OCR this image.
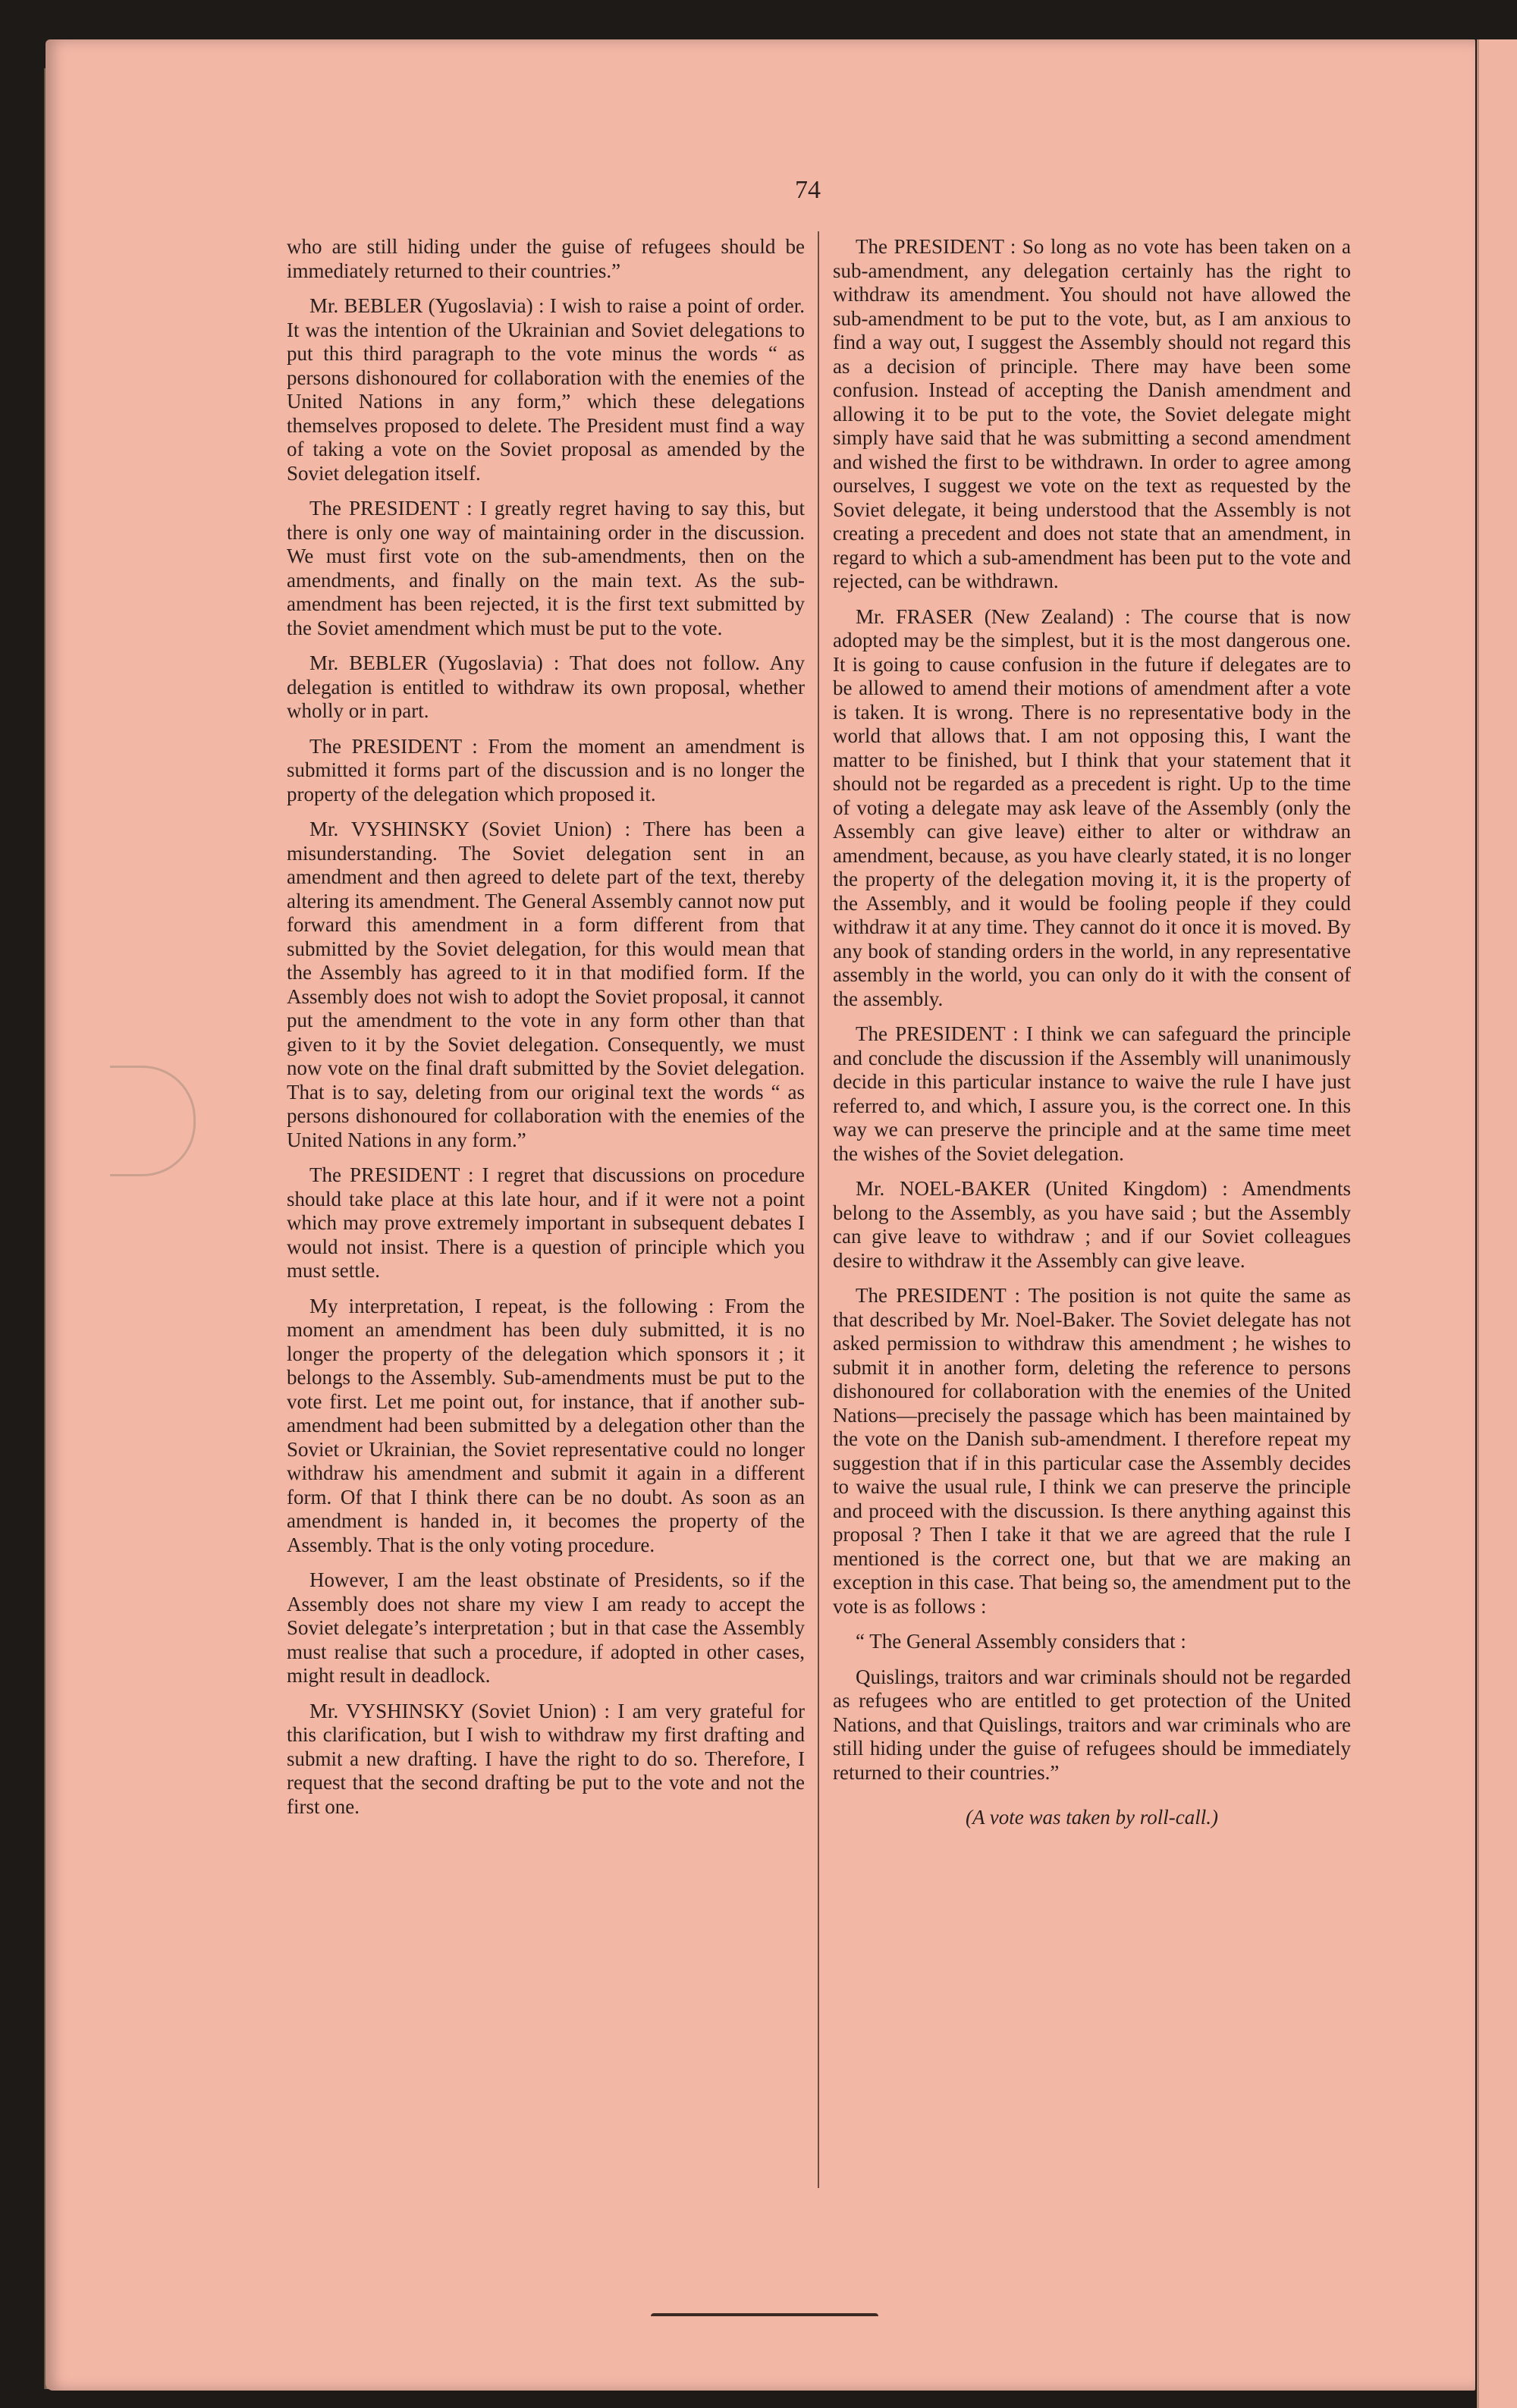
74

who are still hiding under the guise of refugees should be immediately returned to their countries.”

Mr. BEBLER (Yugoslavia) : I wish to raise a point of order. It was the intention of the Ukrainian and Soviet delegations to put this third paragraph to the vote minus the words “ as persons dishonoured for collaboration with the enemies of the United Nations in any form,” which these delegations themselves proposed to delete. The President must find a way of taking a vote on the Soviet proposal as amended by the Soviet delegation itself.

The PRESIDENT : I greatly regret having to say this, but there is only one way of maintaining order in the discussion. We must first vote on the sub-amendments, then on the amendments, and finally on the main text. As the sub-amendment has been rejected, it is the first text submitted by the Soviet amendment which must be put to the vote.

Mr. BEBLER (Yugoslavia) : That does not follow. Any delegation is entitled to withdraw its own proposal, whether wholly or in part.

The PRESIDENT : From the moment an amendment is submitted it forms part of the discussion and is no longer the property of the delegation which proposed it.

Mr. VYSHINSKY (Soviet Union) : There has been a misunderstanding. The Soviet delegation sent in an amendment and then agreed to delete part of the text, thereby altering its amendment. The General Assembly cannot now put forward this amendment in a form different from that submitted by the Soviet delegation, for this would mean that the Assembly has agreed to it in that modified form. If the Assembly does not wish to adopt the Soviet proposal, it cannot put the amendment to the vote in any form other than that given to it by the Soviet delegation. Consequently, we must now vote on the final draft submitted by the Soviet delegation. That is to say, deleting from our original text the words “ as persons dishonoured for collaboration with the enemies of the United Nations in any form.”

The PRESIDENT : I regret that discussions on procedure should take place at this late hour, and if it were not a point which may prove extremely important in subsequent debates I would not insist. There is a question of principle which you must settle.

My interpretation, I repeat, is the following : From the moment an amendment has been duly submitted, it is no longer the property of the delegation which sponsors it ; it belongs to the Assembly. Sub-amendments must be put to the vote first. Let me point out, for instance, that if another sub-amendment had been submitted by a delegation other than the Soviet or Ukrainian, the Soviet representative could no longer withdraw his amendment and submit it again in a different form. Of that I think there can be no doubt. As soon as an amendment is handed in, it becomes the property of the Assembly. That is the only voting procedure.

However, I am the least obstinate of Presidents, so if the Assembly does not share my view I am ready to accept the Soviet delegate’s interpretation ; but in that case the Assembly must realise that such a procedure, if adopted in other cases, might result in deadlock.

Mr. VYSHINSKY (Soviet Union) : I am very grateful for this clarification, but I wish to withdraw my first drafting and submit a new drafting. I have the right to do so. Therefore, I request that the second drafting be put to the vote and not the first one.

The PRESIDENT : So long as no vote has been taken on a sub-amendment, any delegation certainly has the right to withdraw its amendment. You should not have allowed the sub-amendment to be put to the vote, but, as I am anxious to find a way out, I suggest the Assembly should not regard this as a decision of principle. There may have been some confusion. Instead of accepting the Danish amendment and allowing it to be put to the vote, the Soviet delegate might simply have said that he was submitting a second amendment and wished the first to be withdrawn. In order to agree among ourselves, I suggest we vote on the text as requested by the Soviet delegate, it being understood that the Assembly is not creating a precedent and does not state that an amendment, in regard to which a sub-amendment has been put to the vote and rejected, can be withdrawn.

Mr. FRASER (New Zealand) : The course that is now adopted may be the simplest, but it is the most dangerous one. It is going to cause confusion in the future if delegates are to be allowed to amend their motions of amendment after a vote is taken. It is wrong. There is no representative body in the world that allows that. I am not opposing this, I want the matter to be finished, but I think that your statement that it should not be regarded as a precedent is right. Up to the time of voting a delegate may ask leave of the Assembly (only the Assembly can give leave) either to alter or withdraw an amendment, because, as you have clearly stated, it is no longer the property of the delegation moving it, it is the property of the Assembly, and it would be fooling people if they could withdraw it at any time. They cannot do it once it is moved. By any book of standing orders in the world, in any representative assembly in the world, you can only do it with the consent of the assembly.

The PRESIDENT : I think we can safeguard the principle and conclude the discussion if the Assembly will unanimously decide in this particular instance to waive the rule I have just referred to, and which, I assure you, is the correct one. In this way we can preserve the principle and at the same time meet the wishes of the Soviet delegation.

Mr. NOEL-BAKER (United Kingdom) : Amendments belong to the Assembly, as you have said ; but the Assembly can give leave to withdraw ; and if our Soviet colleagues desire to withdraw it the Assembly can give leave.

The PRESIDENT : The position is not quite the same as that described by Mr. Noel-Baker. The Soviet delegate has not asked permission to withdraw this amendment ; he wishes to submit it in another form, deleting the reference to persons dishonoured for collaboration with the enemies of the United Nations—precisely the passage which has been maintained by the vote on the Danish sub-amendment. I therefore repeat my suggestion that if in this particular case the Assembly decides to waive the usual rule, I think we can preserve the principle and proceed with the discussion. Is there anything against this proposal ? Then I take it that we are agreed that the rule I mentioned is the correct one, but that we are making an exception in this case. That being so, the amendment put to the vote is as follows :

“ The General Assembly considers that :

Quislings, traitors and war criminals should not be regarded as refugees who are entitled to get protection of the United Nations, and that Quislings, traitors and war criminals who are still hiding under the guise of refugees should be immediately returned to their countries.”

(A vote was taken by roll-call.)
